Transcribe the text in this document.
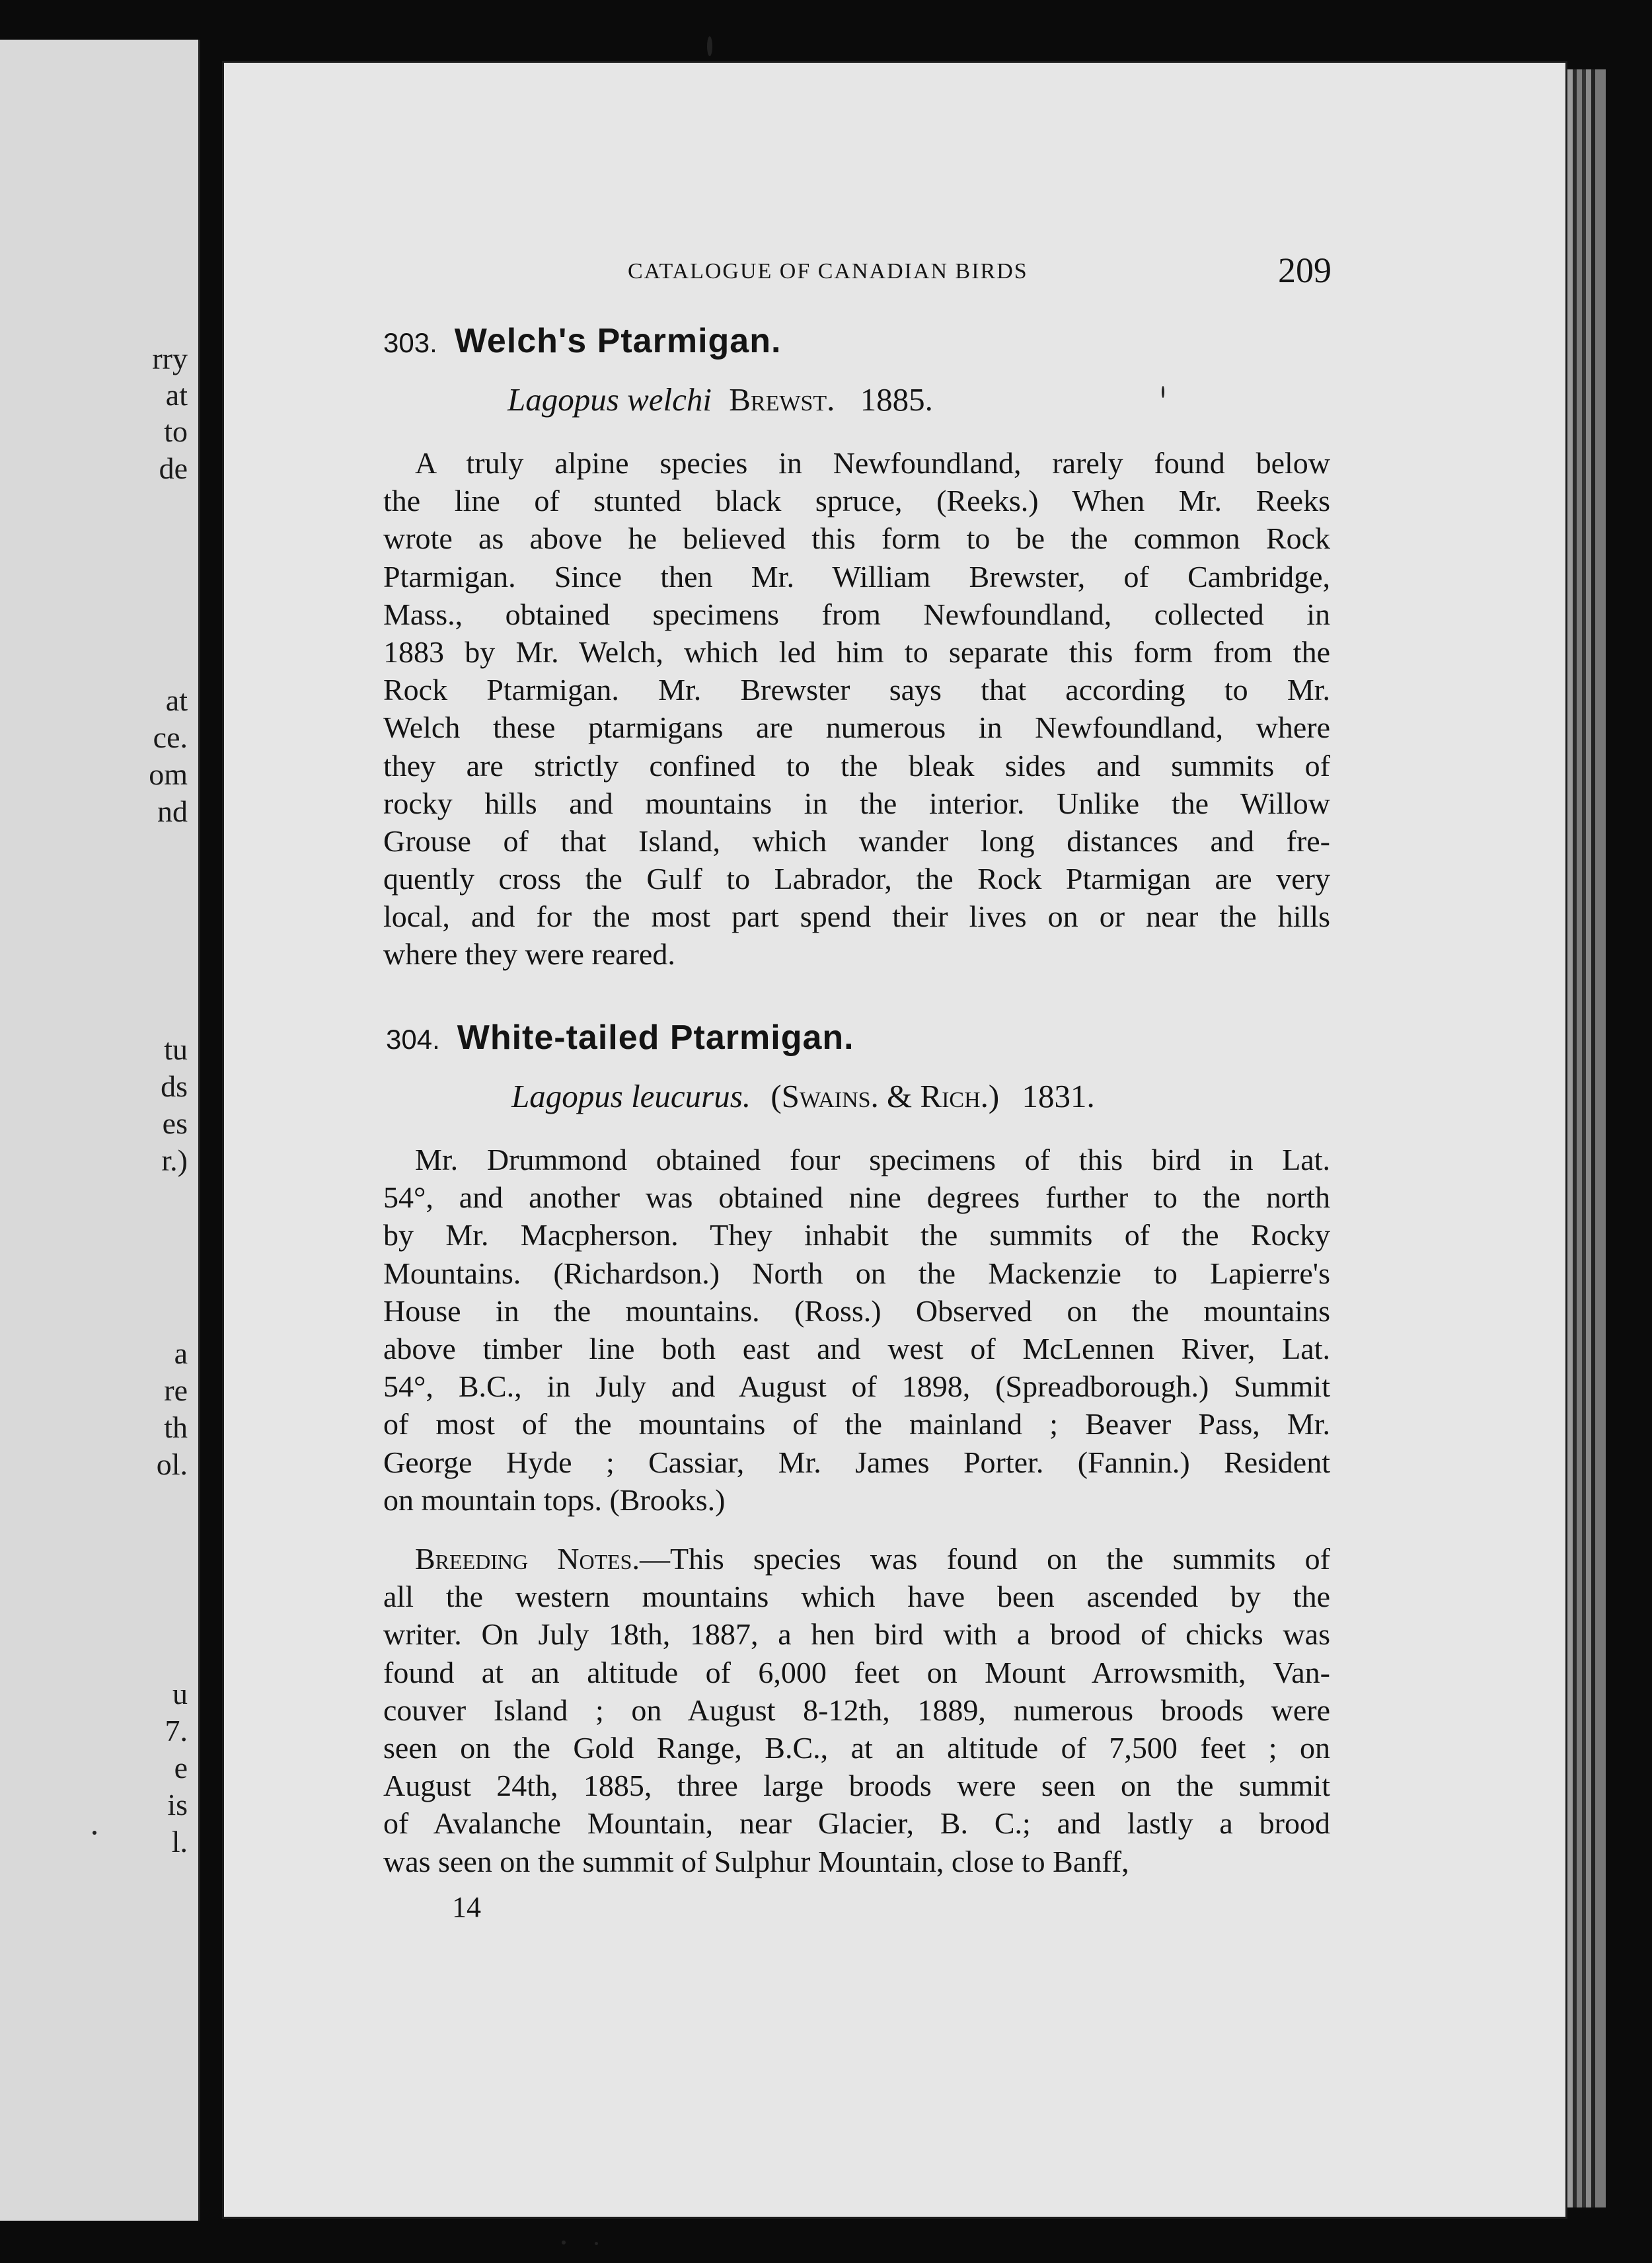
rry
at
to
de
at
ce.
om
nd
tu
ds
es
r.)
a
re
th
ol.
u
7.
e
is
l.
CATALOGUE OF CANADIAN BIRDS	209
303. Welch's Ptarmigan.
Lagopus welchi Brewst. 1885.
A truly alpine species in Newfoundland, rarely found below
the line of stunted black spruce, (Reeks.) When Mr. Reeks
wrote as above he believed this form to be the common Rock
Ptarmigan. Since then Mr. William Brewster, of Cambridge,
Mass., obtained specimens from Newfoundland, collected in
1883 by Mr. Welch, which led him to separate this form from the
Rock Ptarmigan. Mr. Brewster says that according to Mr.
Welch these ptarmigans are numerous in Newfoundland, where
they are strictly confined to the bleak sides and summits of
rocky hills and mountains in the interior. Unlike the Willow
Grouse of that Island, which wander long distances and fre-
quently cross the Gulf to Labrador, the Rock Ptarmigan are very
local, and for the most part spend their lives on or near the hills
where they were reared.
304. White-tailed Ptarmigan.
Lagopus leucurus. (Swains. & Rich.) 1831.
Mr. Drummond obtained four specimens of this bird in Lat.
54°, and another was obtained nine degrees further to the north
by Mr. Macpherson. They inhabit the summits of the Rocky
Mountains. (Richardson.) North on the Mackenzie to Lapierre's
House in the mountains. (Ross.) Observed on the mountains
above timber line both east and west of McLennen River, Lat.
54°, B.C., in July and August of 1898, (Spreadborough.) Summit
of most of the mountains of the mainland ; Beaver Pass, Mr.
George Hyde ; Cassiar, Mr. James Porter. (Fannin.) Resident
on mountain tops. (Brooks.)
Breeding Notes.—This species was found on the summits of
all the western mountains which have been ascended by the
writer. On July 18th, 1887, a hen bird with a brood of chicks was
found at an altitude of 6,000 feet on Mount Arrowsmith, Van-
couver Island ; on August 8-12th, 1889, numerous broods were
seen on the Gold Range, B.C., at an altitude of 7,500 feet ; on
August 24th, 1885, three large broods were seen on the summit
of Avalanche Mountain, near Glacier, B. C.; and lastly a brood
was seen on the summit of Sulphur Mountain, close to Banff,
14
